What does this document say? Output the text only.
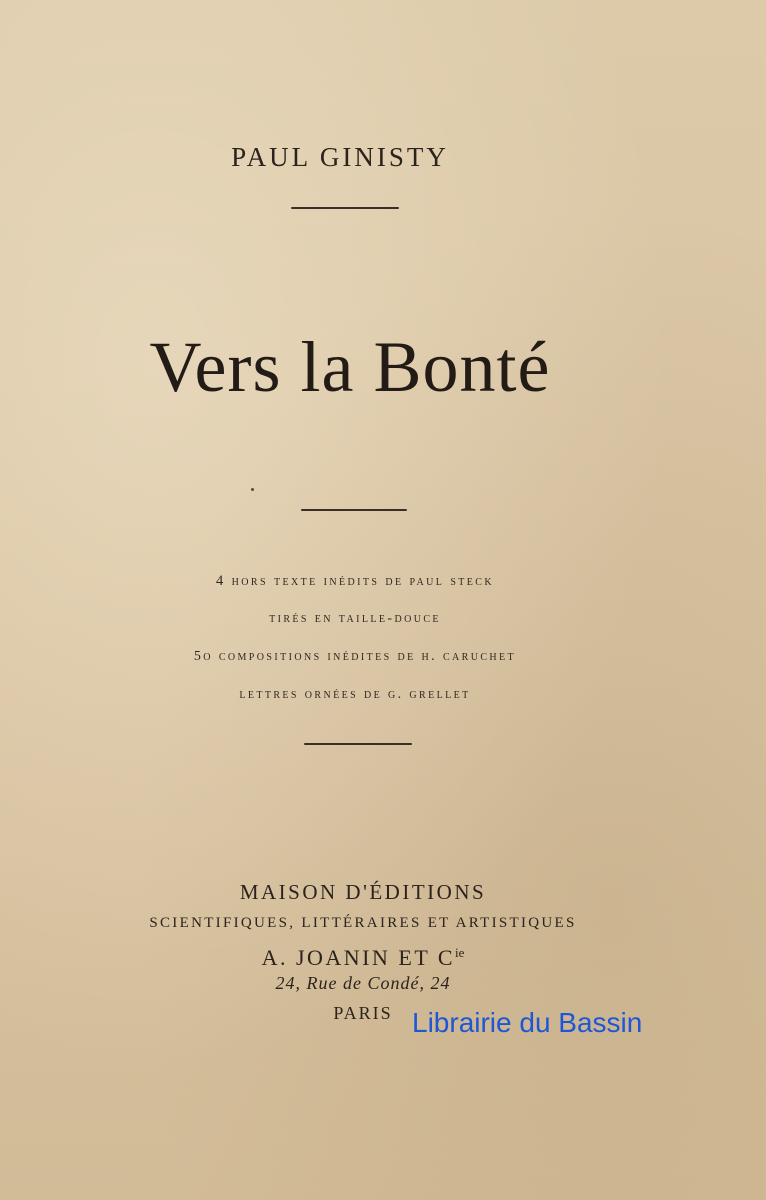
PAUL GINISTY
Vers la Bonté
4 hors texte inédits de paul steck
tirés en taille-douce
5o compositions inédites de h. caruchet
lettres ornées de g. grellet
MAISON D'ÉDITIONS
SCIENTIFIQUES, LITTÉRAIRES ET ARTISTIQUES
A. JOANIN ET $C^{ie}$
24, Rue de Condé, 24
PARIS Librairie du Bassin
